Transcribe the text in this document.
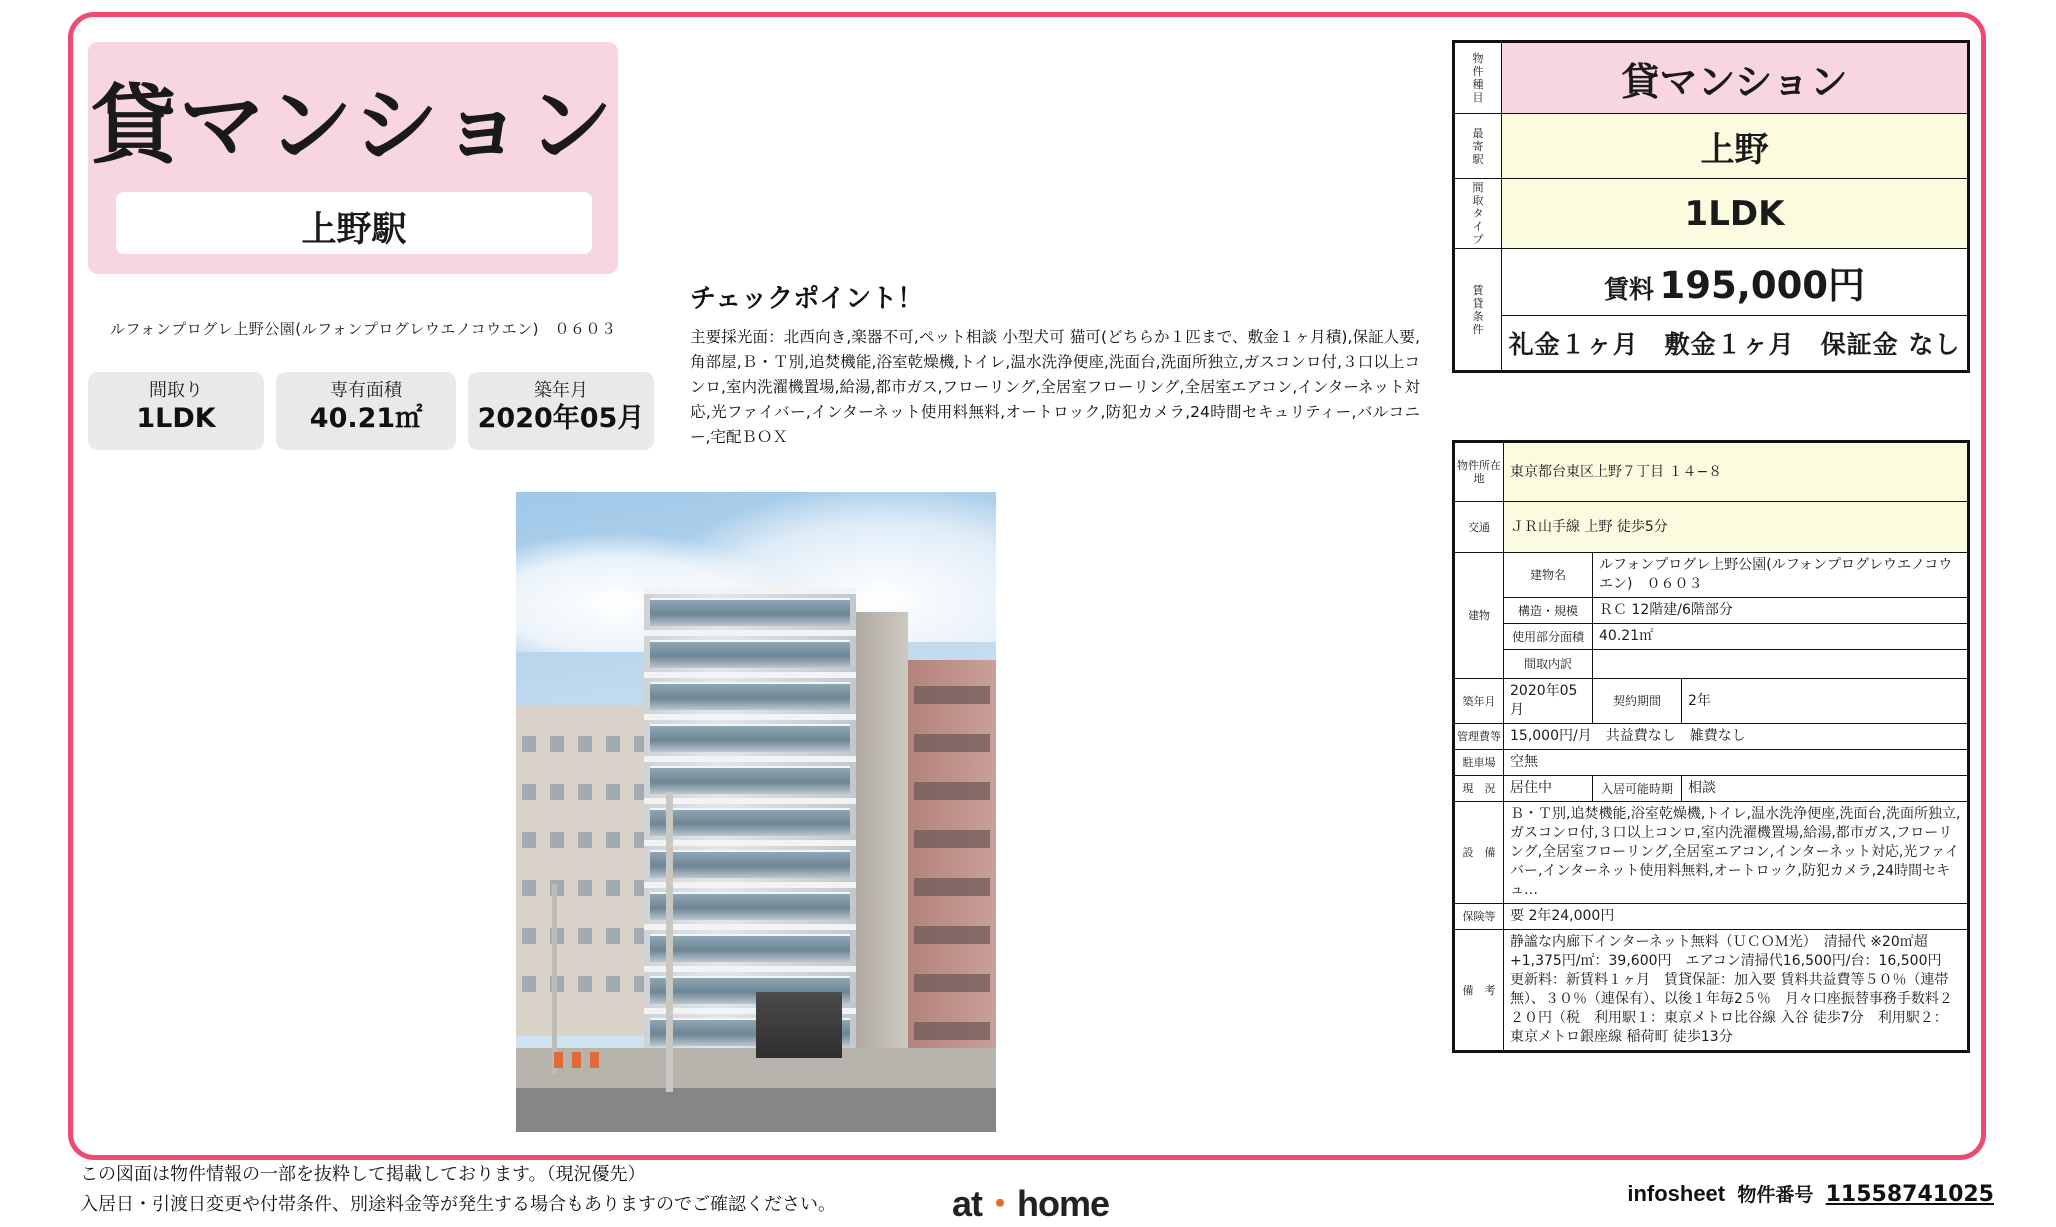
貸マンション
上野駅
ルフォンプログレ上野公園(ルフォンプログレウエノコウエン)　０６０３
間取り
1LDK
専有面積
40.21㎡
築年月
2020年05月
チェックポイント！
主要採光面：北西向き,楽器不可,ペット相談 小型犬可 猫可(どちらか１匹まで、敷金１ヶ月積),保証人要,角部屋,Ｂ・Ｔ別,追焚機能,浴室乾燥機,トイレ,温水洗浄便座,洗面台,洗面所独立,ガスコンロ付,３口以上コンロ,室内洗濯機置場,給湯,都市ガス,フローリング,全居室フローリング,全居室エアコン,インターネット対応,光ファイバー,インターネット使用料無料,オートロック,防犯カメラ,24時間セキュリティー,バルコニー,宅配ＢＯＸ
物
件
種
目	貸マンション

最
寄
駅	上野

間
取
タ
イ
プ	1LDK

賃
貸
条
件	賃料 195,000円
	礼金１ヶ月　敷金１ヶ月　保証金 なし
物件所在地	東京都台東区上野７丁目 １４−８		
交通	ＪＲ山手線 上野 徒歩5分		
建物	建物名	ルフォンプログレ上野公園(ルフォンプログレウエノコウエン)　０６０３	
	構造・規模	ＲＣ 12階建/6階部分	
	使用部分面積	40.21㎡	
	間取内訳		
築年月	2020年05月	契約期間	2年
管理費等	15,000円/月　共益費なし　雑費なし		
駐車場	空無		
現　 況	居住中	入居可能時期	相談
設　 備	Ｂ・Ｔ別,追焚機能,浴室乾燥機,トイレ,温水洗浄便座,洗面台,洗面所独立,ガスコンロ付,３口以上コンロ,室内洗濯機置場,給湯,都市ガス,フローリング,全居室フローリング,全居室エアコン,インターネット対応,光ファイバー,インターネット使用料無料,オートロック,防犯カメラ,24時間セキュ…		
保険等	要 2年24,000円		
備　 考	静謐な内廊下インターネット無料（ＵＣＯＭ光）　清掃代 ※20㎡超+1,375円/㎡：39,600円　エアコン清掃代16,500円/台：16,500円　更新料：新賃料１ヶ月　賃貸保証：加入要 賃料共益費等５０％（連帯無）、３０％（連保有）、以後１年毎2５％　月々口座振替事務手数料２２０円（税　利用駅１：東京メトロ比谷線 入谷 徒歩7分　利用駅２：東京メトロ銀座線 稲荷町 徒歩13分		
この図面は物件情報の一部を抜粋して掲載しております。（現況優先）
入居日・引渡日変更や付帯条件、別途料金等が発生する場合もありますのでご確認ください。	at・home	infosheet 物件番号 11558741025
